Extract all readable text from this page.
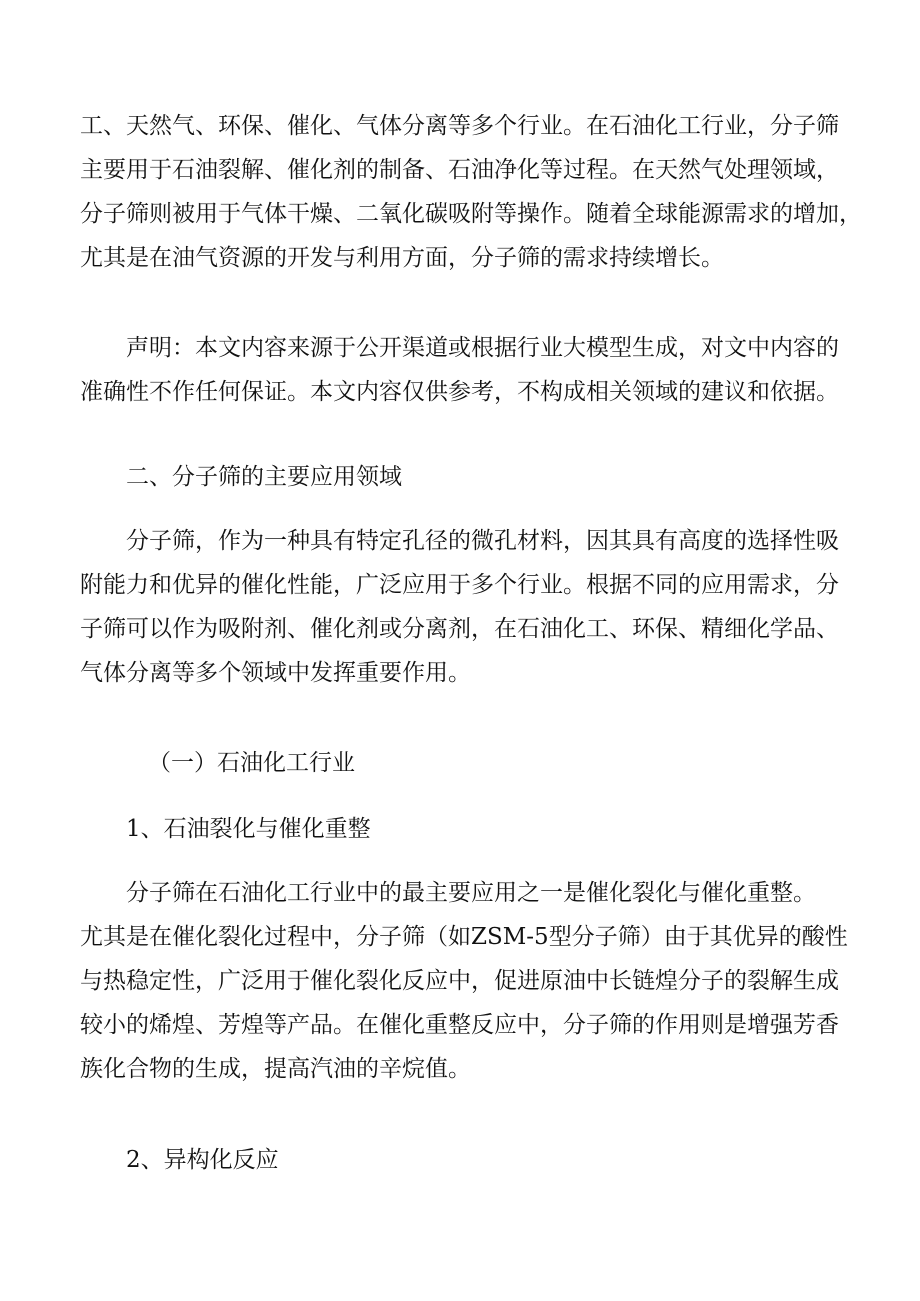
工、天然气、环保、催化、气体分离等多个行业。在石油化工行业，分子筛
主要用于石油裂解、催化剂的制备、石油净化等过程。在天然气处理领域，
分子筛则被用于气体干燥、二氧化碳吸附等操作。随着全球能源需求的增加，
尤其是在油气资源的开发与利用方面，分子筛的需求持续增长。
声明：本文内容来源于公开渠道或根据行业大模型生成，对文中内容的
准确性不作任何保证。本文内容仅供参考，不构成相关领域的建议和依据。
二、分子筛的主要应用领域
分子筛，作为一种具有特定孔径的微孔材料，因其具有高度的选择性吸
附能力和优异的催化性能，广泛应用于多个行业。根据不同的应用需求，分
子筛可以作为吸附剂、催化剂或分离剂，在石油化工、环保、精细化学品、
气体分离等多个领域中发挥重要作用。
（一）石油化工行业
1、石油裂化与催化重整
分子筛在石油化工行业中的最主要应用之一是催化裂化与催化重整。
尤其是在催化裂化过程中，分子筛（如ZSM-5型分子筛）由于其优异的酸性
与热稳定性，广泛用于催化裂化反应中，促进原油中长链煌分子的裂解生成
较小的烯煌、芳煌等产品。在催化重整反应中，分子筛的作用则是增强芳香
族化合物的生成，提高汽油的辛烷值。
2、异构化反应
